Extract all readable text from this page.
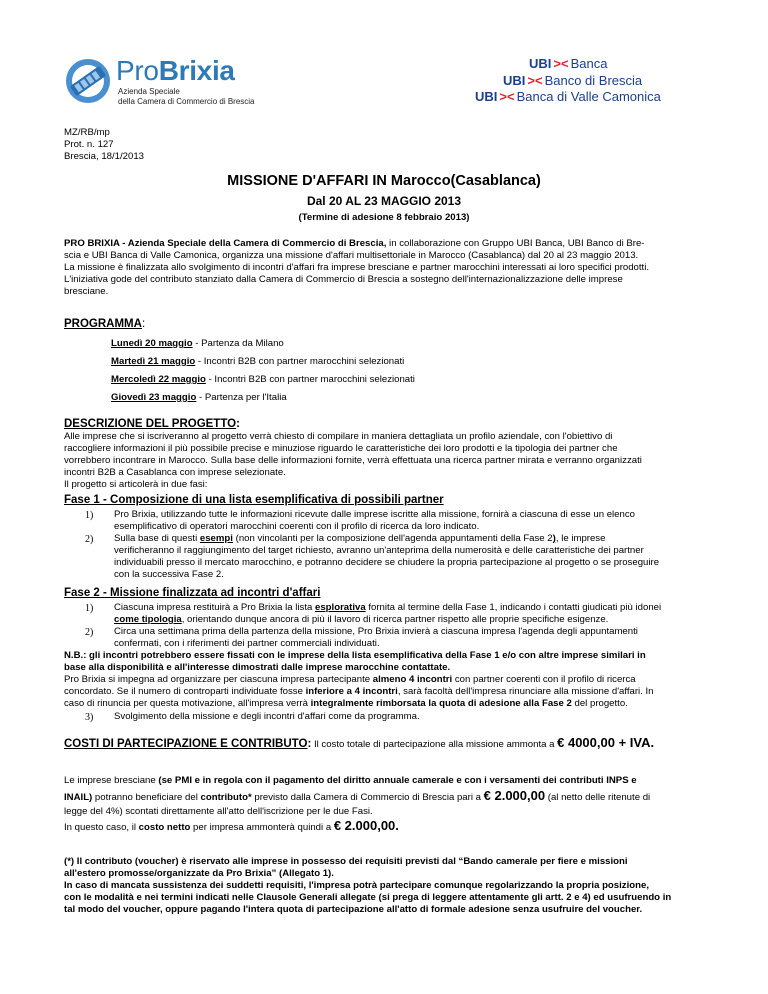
ProBrixia
Azienda Speciale
della Camera di Commercio di Brescia
UBI >< Banca
UBI >< Banco di Brescia
UBI >< Banca di Valle Camonica
MZ/RB/mp
Prot. n. 127
Brescia, 18/1/2013
MISSIONE D'AFFARI IN Marocco(Casablanca)
Dal 20 AL 23 MAGGIO 2013
(Termine di adesione 8 febbraio 2013)
PRO BRIXIA - Azienda Speciale della Camera di Commercio di Brescia, in collaborazione con Gruppo UBI Banca, UBI Banco di Bre-
scia e UBI Banca di Valle Camonica, organizza una missione d'affari multisettoriale in Marocco (Casablanca) dal 20 al 23 maggio 2013.
La missione è finalizzata allo svolgimento di incontri d'affari fra imprese bresciane e partner marocchini interessati ai loro specifici prodotti.
L'iniziativa gode del contributo stanziato dalla Camera di Commercio di Brescia a sostegno dell'internazionalizzazione delle imprese
bresciane.
PROGRAMMA:
Lunedì 20 maggio - Partenza da Milano
Martedì 21 maggio - Incontri B2B con partner marocchini selezionati
Mercoledì 22 maggio - Incontri B2B con partner marocchini selezionati
Giovedì 23 maggio - Partenza per l'Italia
DESCRIZIONE DEL PROGETTO:
Alle imprese che si iscriveranno al progetto verrà chiesto di compilare in maniera dettagliata un profilo aziendale, con l'obiettivo di
raccogliere informazioni il più possibile precise e minuziose riguardo le caratteristiche dei loro prodotti e la tipologia dei partner che
vorrebbero incontrare in Marocco. Sulla base delle informazioni fornite, verrà effettuata una ricerca partner mirata e verranno organizzati
incontri B2B a Casablanca con imprese selezionate.
Il progetto si articolerà in due fasi:
Fase 1 - Composizione di una lista esemplificativa di possibili partner
1) Pro Brixia, utilizzando tutte le informazioni ricevute dalle imprese iscritte alla missione, fornirà a ciascuna di esse un elenco
esemplificativo di operatori marocchini coerenti con il profilo di ricerca da loro indicato.
2) Sulla base di questi esempi (non vincolanti per la composizione dell'agenda appuntamenti della Fase 2), le imprese
verificheranno il raggiungimento del target richiesto, avranno un'anteprima della numerosità e delle caratteristiche dei partner
individuabili presso il mercato marocchino, e potranno decidere se chiudere la propria partecipazione al progetto o se proseguire
con la successiva Fase 2.
Fase 2 - Missione finalizzata ad incontri d'affari
1) Ciascuna impresa restituirà a Pro Brixia la lista esplorativa fornita al termine della Fase 1, indicando i contatti giudicati più idonei
come tipologia, orientando dunque ancora di più il lavoro di ricerca partner rispetto alle proprie specifiche esigenze.
2) Circa una settimana prima della partenza della missione, Pro Brixia invierà a ciascuna impresa l'agenda degli appuntamenti
confermati, con i riferimenti dei partner commerciali individuati.
N.B.: gli incontri potrebbero essere fissati con le imprese della lista esemplificativa della Fase 1 e/o con altre imprese similari in
base alla disponibilità e all'interesse dimostrati dalle imprese marocchine contattate.
Pro Brixia si impegna ad organizzare per ciascuna impresa partecipante almeno 4 incontri con partner coerenti con il profilo di ricerca
concordato. Se il numero di controparti individuate fosse inferiore a 4 incontri, sarà facoltà dell'impresa rinunciare alla missione d'affari. In
caso di rinuncia per questa motivazione, all'impresa verrà integralmente rimborsata la quota di adesione alla Fase 2 del progetto.
3) Svolgimento della missione e degli incontri d'affari come da programma.
COSTI DI PARTECIPAZIONE E CONTRIBUTO: Il costo totale di partecipazione alla missione ammonta a € 4000,00 + IVA.
Le imprese bresciane (se PMI e in regola con il pagamento del diritto annuale camerale e con i versamenti dei contributi INPS e
INAIL) potranno beneficiare del contributo* previsto dalla Camera di Commercio di Brescia pari a € 2.000,00 (al netto delle ritenute di
legge del 4%) scontati direttamente all'atto dell'iscrizione per le due Fasi.
In questo caso, il costo netto per impresa ammonterà quindi a € 2.000,00.
(*) Il contributo (voucher) è riservato alle imprese in possesso dei requisiti previsti dal “Bando camerale per fiere e missioni
all'estero promosse/organizzate da Pro Brixia” (Allegato 1).
In caso di mancata sussistenza dei suddetti requisiti, l'impresa potrà partecipare comunque regolarizzando la propria posizione,
con le modalità e nei termini indicati nelle Clausole Generali allegate (si prega di leggere attentamente gli artt. 2 e 4) ed usufruendo in
tal modo del voucher, oppure pagando l'intera quota di partecipazione all'atto di formale adesione senza usufruire del voucher.
